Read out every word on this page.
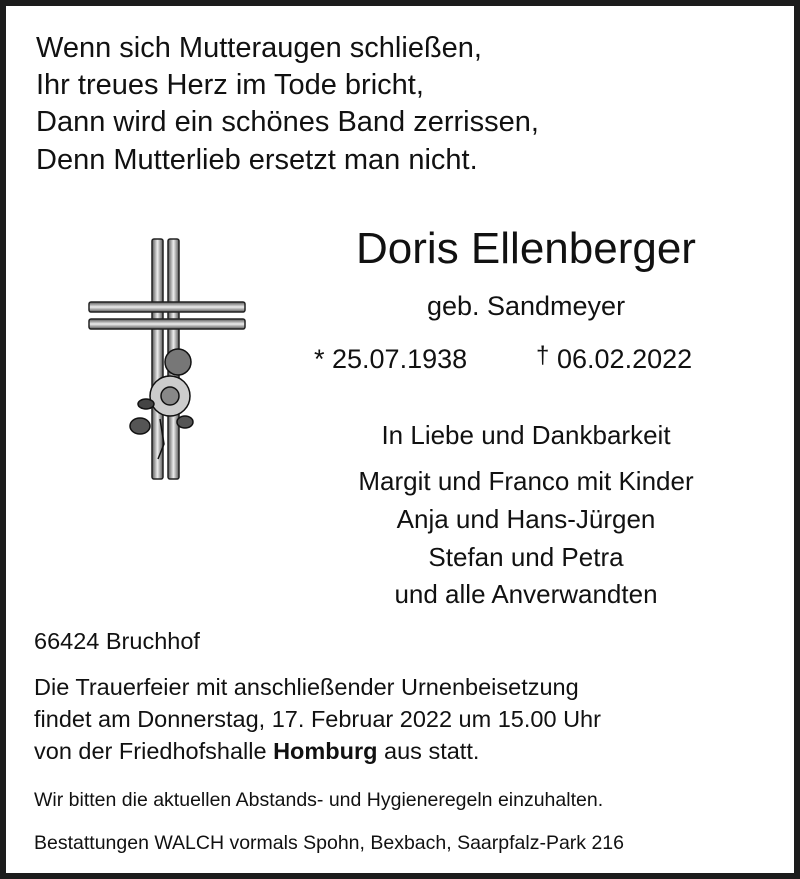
Wenn sich Mutteraugen schließen,
Ihr treues Herz im Tode bricht,
Dann wird ein schönes Band zerrissen,
Denn Mutterlieb ersetzt man nicht.
Doris Ellenberger
geb. Sandmeyer
* 25.07.1938	† 06.02.2022
In Liebe und Dankbarkeit
Margit und Franco mit Kinder
Anja und Hans-Jürgen
Stefan und Petra
und alle Anverwandten
66424 Bruchhof
Die Trauerfeier mit anschließender Urnenbeisetzung
findet am Donnerstag, 17. Februar 2022 um 15.00 Uhr
von der Friedhofshalle Homburg aus statt.
Wir bitten die aktuellen Abstands- und Hygieneregeln einzuhalten.
Bestattungen WALCH vormals Spohn, Bexbach, Saarpfalz-Park 216
